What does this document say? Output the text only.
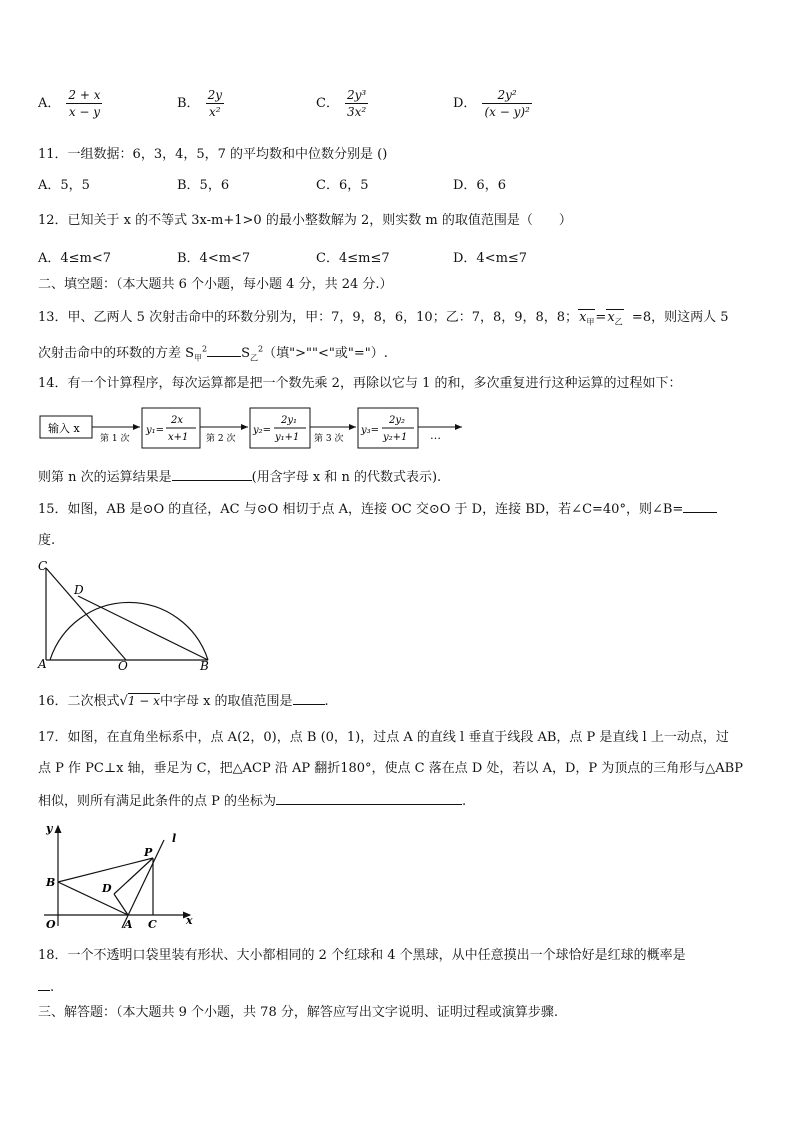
A． $\frac{2 + x}{x - y}$	B． $\frac{2y}{\text{x²}}$	C． $\frac{\text{2y³}}{\text{3x²}}$	D． $\frac{\text{2y²}}{\text{(x − y)²}}$
11．一组数据：6，3，4，5，7 的平均数和中位数分别是 ()
A．5，5	B．5，6	C．6，5	D．6，6
12．已知关于 x 的不等式 3x-m+1>0 的最小整数解为 2，则实数 m 的取值范围是（　　）
A．4≤m<7	B．4<m<7	C．4≤m≤7	D．4<m≤7
二、填空题：（本大题共 6 个小题，每小题 4 分，共 24 分.）
13．甲、乙两人 5 次射击命中的环数分别为，甲：7，9，8，6，10；乙：7，8，9，8，8；$x_甲=x_乙 =8$，则这两人 5
次射击命中的环数的方差 $S_甲^2$	$S_乙^2$（填">""<"或"="）.
14．有一个计算程序，每次运算都是把一个数先乘 2，再除以它与 1 的和，多次重复进行这种运算的过程如下：
输入 x
第 1 次
y₁=
2x
x+1 第 2 次
y₂=
2y₁
y₁+1 第 3 次
y₃=
2y₂
y₂+1 …
则第 n 次的运算结果是	(用含字母 x 和 n 的代数式表示).
15．如图，AB 是⊙O 的直径，AC 与⊙O 相切于点 A，连接 OC 交⊙O 于 D，连接 BD，若∠C=40°，则∠B=
度.
C
D
A	O	B
16．二次根式√1 − x中字母 x 的取值范围是 .
17．如图，在直角坐标系中，点 A(2，0)，点 B (0，1)，过点 A 的直线 l 垂直于线段 AB，点 P 是直线 l 上一动点，过
点 P 作 PC⊥x 轴，垂足为 C，把△ACP 沿 AP 翻折180°，使点 C 落在点 D 处，若以 A，D，P 为顶点的三角形与△ABP
相似，则所有满足此条件的点 P 的坐标为	.
y
x
l
P
B	D
O	A C
18．一个不透明口袋里装有形状、大小都相同的 2 个红球和 4 个黑球，从中任意摸出一个球恰好是红球的概率是
.
三、解答题：（本大题共 9 个小题，共 78 分，解答应写出文字说明、证明过程或演算步骤.
